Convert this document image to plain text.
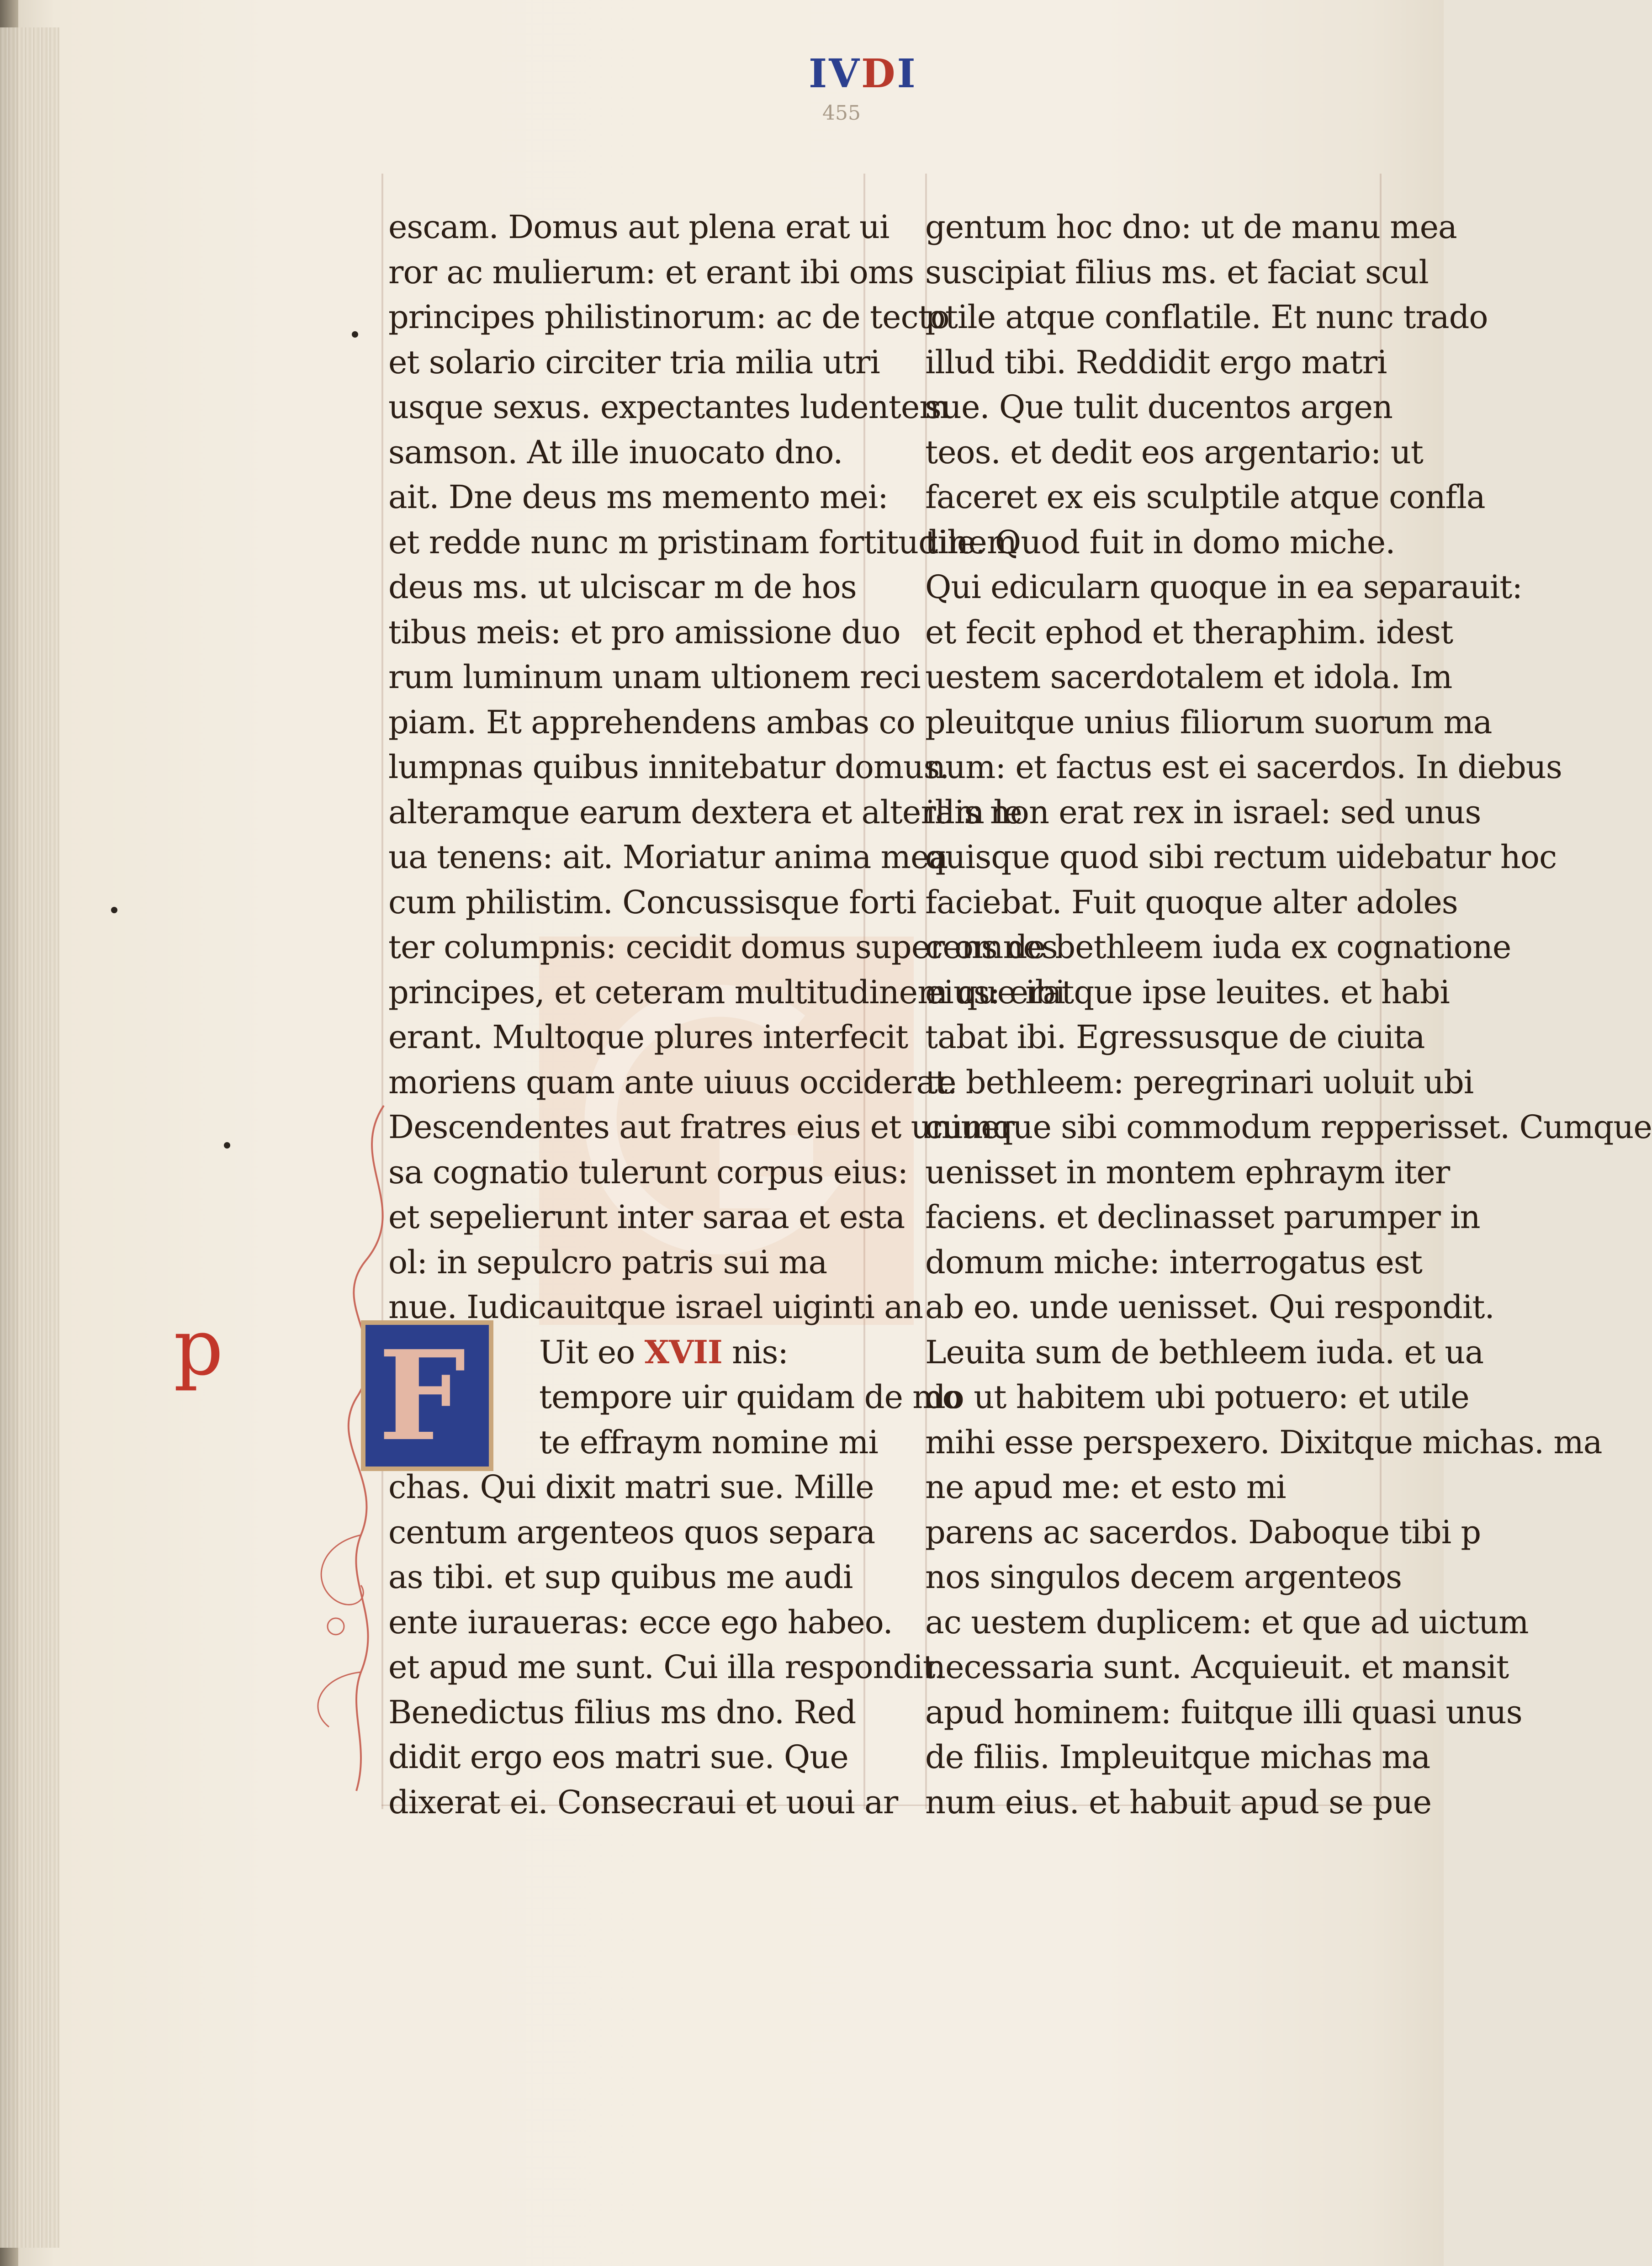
IVDI
455
p F
escam. Domus aut plena erat ui
ror ac mulierum: et erant ibi oms
principes philistinorum: ac de tecto
et solario circiter tria milia utri
usque sexus. expectantes ludentem
samson. At ille inuocato dno.
ait. Dne deus ms memento mei:
et redde nunc m pristinam fortitudinem
deus ms. ut ulciscar m de hos
tibus meis: et pro amissione duo
rum luminum unam ultionem reci
piam. Et apprehendens ambas co
lumpnas quibus innitebatur domus.
alteramque earum dextera et alteram le
ua tenens: ait. Moriatur anima mea
cum philistim. Concussisque forti
ter columpnis: cecidit domus super omnes
principes, et ceteram multitudinem que ibi
erant. Multoque plures interfecit
moriens quam ante uiuus occiderat.
Descendentes aut fratres eius et uniuer
sa cognatio tulerunt corpus eius:
et sepelierunt inter saraa et esta
ol: in sepulcro patris sui ma
nue. Iudicauitque israel uiginti an
Uit eo XVII nis:
tempore uir quidam de mo
te effraym nomine mi
chas. Qui dixit matri sue. Mille
centum argenteos quos separa
as tibi. et sup quibus me audi
ente iuraueras: ecce ego habeo.
et apud me sunt. Cui illa respondit.
Benedictus filius ms dno. Red
didit ergo eos matri sue. Que
dixerat ei. Consecraui et uoui ar
gentum hoc dno: ut de manu mea
suscipiat filius ms. et faciat scul
ptile atque conflatile. Et nunc trado
illud tibi. Reddidit ergo matri
sue. Que tulit ducentos argen
teos. et dedit eos argentario: ut
faceret ex eis sculptile atque confla
tile. Quod fuit in domo miche.
Qui edicularn quoque in ea separauit:
et fecit ephod et theraphim. idest
uestem sacerdotalem et idola. Im
pleuitque unius filiorum suorum ma
num: et factus est ei sacerdos. In diebus
illis non erat rex in israel: sed unus
quisque quod sibi rectum uidebatur hoc
faciebat. Fuit quoque alter adoles
cens de bethleem iuda ex cognatione
eius: eratque ipse leuites. et habi
tabat ibi. Egressusque de ciuita
te bethleem: peregrinari uoluit ubi
cumque sibi commodum repperisset. Cumque
uenisset in montem ephraym iter
faciens. et declinasset parumper in
domum miche: interrogatus est
ab eo. unde uenisset. Qui respondit.
Leuita sum de bethleem iuda. et ua
do ut habitem ubi potuero: et utile
mihi esse perspexero. Dixitque michas. ma
ne apud me: et esto mi
parens ac sacerdos. Daboque tibi p
nos singulos decem argenteos
ac uestem duplicem: et que ad uictum
necessaria sunt. Acquieuit. et mansit
apud hominem: fuitque illi quasi unus
de filiis. Impleuitque michas ma
num eius. et habuit apud se pue
